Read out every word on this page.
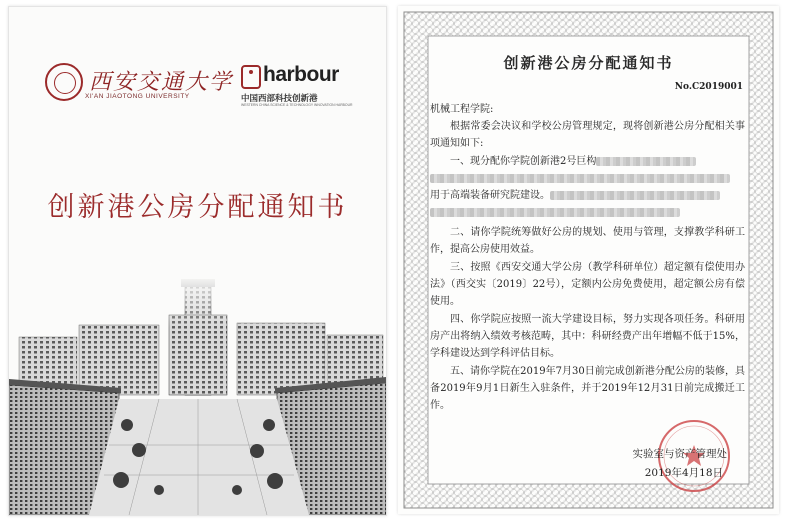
西安交通大学
XI'AN JIAOTONG UNIVERSITY
harbour
中国西部科技创新港
WESTERN CHINA SCIENCE & TECHNOLOGY INNOVATION HARBOUR
创新港公房分配通知书
创新港公房分配通知书
No.C2019001
机械工程学院:
根据常委会决议和学校公房管理规定，现将创新港公房分配相关事项通知如下:
一、现分配你学院创新港2号巨构
用于高端装备研究院建设。
二、请你学院统筹做好公房的规划、使用与管理，支撑教学科研工作，提高公房使用效益。
三、按照《西安交通大学公房（教学科研单位）超定额有偿使用办法》（西交实〔2019〕22号），定额内公房免费使用，超定额公房有偿使用。
四、你学院应按照一流大学建设目标，努力实现各项任务。科研用房产出将纳入绩效考核范畴，其中：科研经费产出年增幅不低于15%，学科建设达到学科评估目标。
五、请你学院在2019年7月30日前完成创新港分配公房的装修，具备2019年9月1日新生入驻条件，并于2019年12月31日前完成搬迁工作。
实验室与资产管理处
2019年4月18日
